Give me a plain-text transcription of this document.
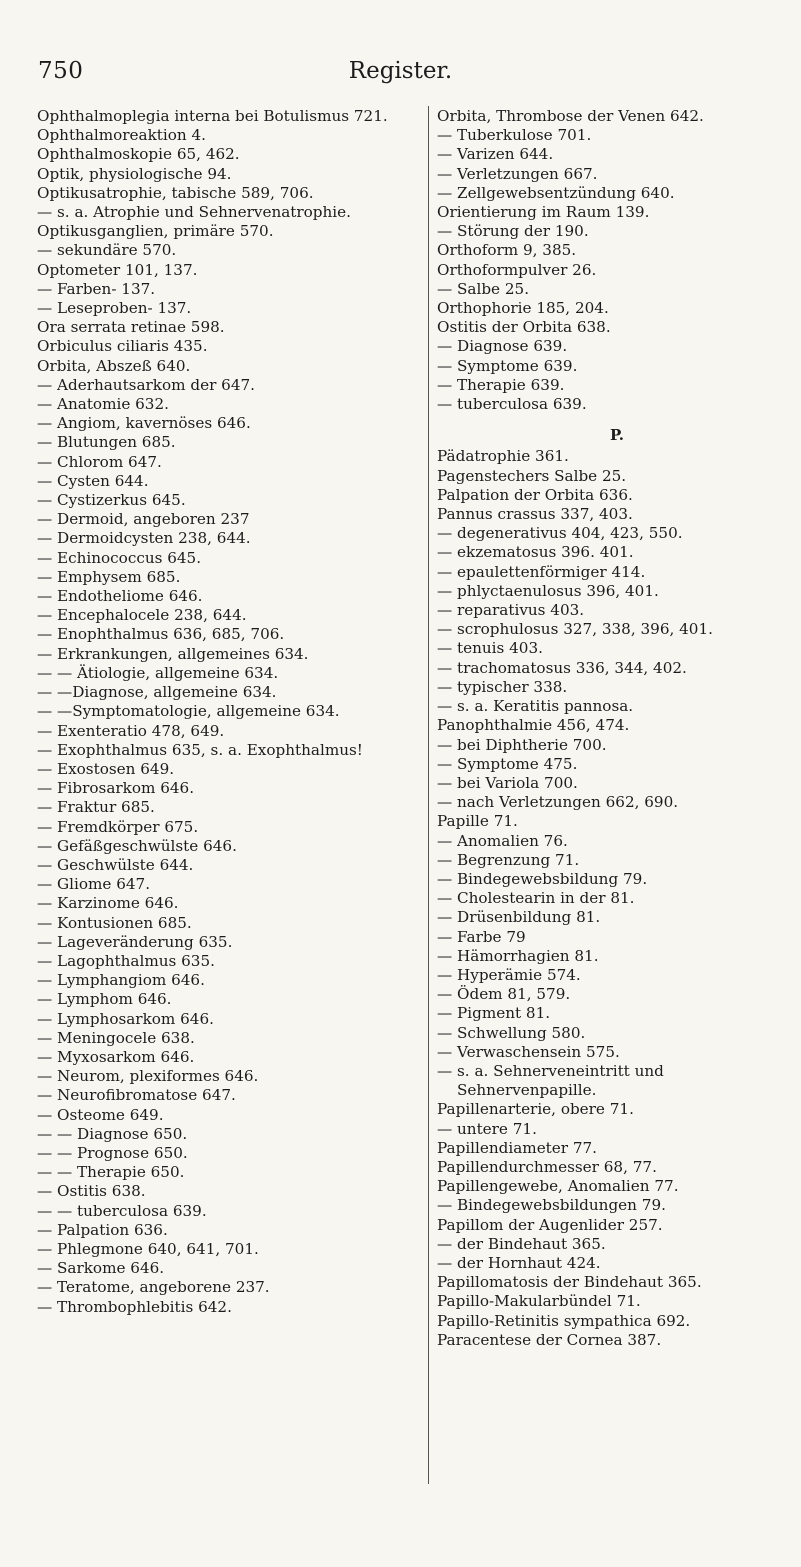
750	Register.
Ophthalmoplegia interna bei Botulismus 721.
Ophthalmoreaktion 4.
Ophthalmoskopie 65, 462.
Optik, physiologische 94.
Optikusatrophie, tabische 589, 706.
— s. a. Atrophie und Sehnervenatrophie.
Optikusganglien, primäre 570.
— sekundäre 570.
Optometer 101, 137.
— Farben- 137.
— Leseproben- 137.
Ora serrata retinae 598.
Orbiculus ciliaris 435.
Orbita, Abszeß 640.
— Aderhautsarkom der 647.
— Anatomie 632.
— Angiom, kavernöses 646.
— Blutungen 685.
— Chlorom 647.
— Cysten 644.
— Cystizerkus 645.
— Dermoid, angeboren 237
— Dermoidcysten 238, 644.
— Echinococcus 645.
— Emphysem 685.
— Endotheliome 646.
— Encephalocele 238, 644.
— Enophthalmus 636, 685, 706.
— Erkrankungen, allgemeines 634.
— — Ätiologie, allgemeine 634.
— —Diagnose, allgemeine 634.
— —Symptomatologie, allgemeine 634.
— Exenteratio 478, 649.
— Exophthalmus 635, s. a. Exophthalmus!
— Exostosen 649.
— Fibrosarkom 646.
— Fraktur 685.
— Fremdkörper 675.
— Gefäßgeschwülste 646.
— Geschwülste 644.
— Gliome 647.
— Karzinome 646.
— Kontusionen 685.
— Lageveränderung 635.
— Lagophthalmus 635.
— Lymphangiom 646.
— Lymphom 646.
— Lymphosarkom 646.
— Meningocele 638.
— Myxosarkom 646.
— Neurom, plexiformes 646.
— Neurofibromatose 647.
— Osteome 649.
— — Diagnose 650.
— — Prognose 650.
— — Therapie 650.
— Ostitis 638.
— — tuberculosa 639.
— Palpation 636.
— Phlegmone 640, 641, 701.
— Sarkome 646.
— Teratome, angeborene 237.
— Thrombophlebitis 642.
Orbita, Thrombose der Venen 642.
— Tuberkulose 701.
— Varizen 644.
— Verletzungen 667.
— Zellgewebsentzündung 640.
Orientierung im Raum 139.
— Störung der 190.
Orthoform 9, 385.
Orthoformpulver 26.
— Salbe 25.
Orthophorie 185, 204.
Ostitis der Orbita 638.
— Diagnose 639.
— Symptome 639.
— Therapie 639.
— tuberculosa 639.
P.
Pädatrophie 361.
Pagenstechers Salbe 25.
Palpation der Orbita 636.
Pannus crassus 337, 403.
— degenerativus 404, 423, 550.
— ekzematosus 396. 401.
— epaulettenförmiger 414.
— phlyctaenulosus 396, 401.
— reparativus 403.
— scrophulosus 327, 338, 396, 401.
— tenuis 403.
— trachomatosus 336, 344, 402.
— typischer 338.
— s. a. Keratitis pannosa.
Panophthalmie 456, 474.
— bei Diphtherie 700.
— Symptome 475.
— bei Variola 700.
— nach Verletzungen 662, 690.
Papille 71.
— Anomalien 76.
— Begrenzung 71.
— Bindegewebsbildung 79.
— Cholestearin in der 81.
— Drüsenbildung 81.
— Farbe 79
— Hämorrhagien 81.
— Hyperämie 574.
— Ödem 81, 579.
— Pigment 81.
— Schwellung 580.
— Verwaschensein 575.
— s. a. Sehnerveneintritt und Sehnervenpapille.
Papillenarterie, obere 71.
— untere 71.
Papillendiameter 77.
Papillendurchmesser 68, 77.
Papillengewebe, Anomalien 77.
— Bindegewebsbildungen 79.
Papillom der Augenlider 257.
— der Bindehaut 365.
— der Hornhaut 424.
Papillomatosis der Bindehaut 365.
Papillo-Makularbündel 71.
Papillo-Retinitis sympathica 692.
Paracentese der Cornea 387.
